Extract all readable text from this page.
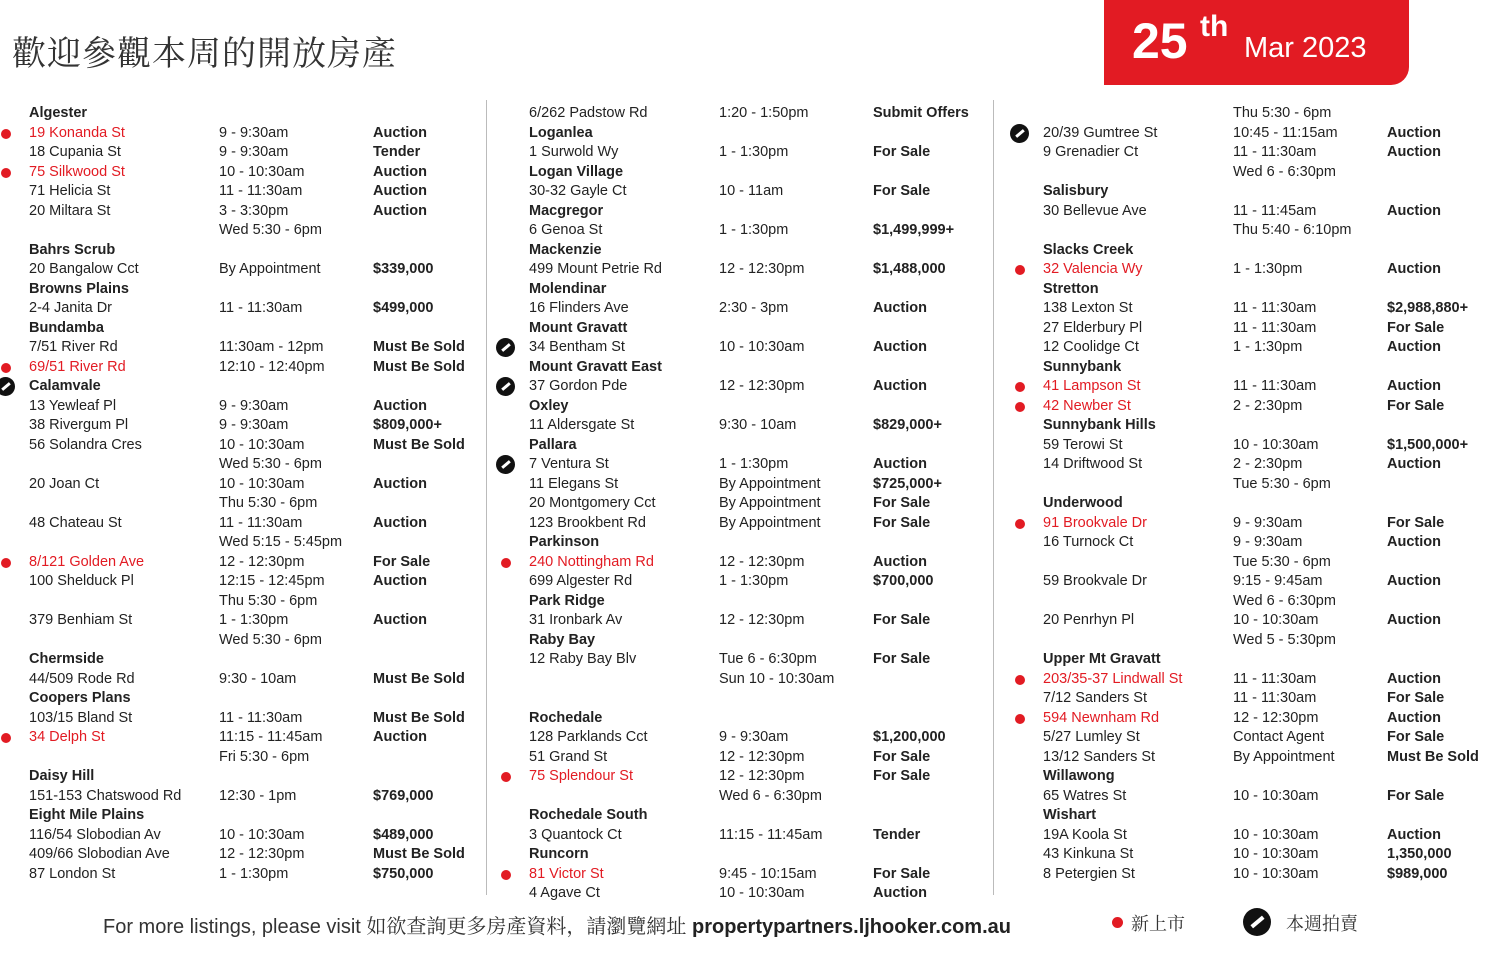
歡迎參觀本周的開放房產	25 th
Mar 2023
Algester
19 Konanda St	9 - 9:30am	Auction
18 Cupania St	9 - 9:30am	Tender
75 Silkwood St	10 - 10:30am	Auction
71 Helicia St	11 - 11:30am	Auction
20 Miltara St	3 - 3:30pm	Auction
Wed 5:30 - 6pm
Bahrs Scrub
20 Bangalow Cct	By Appointment	$339,000
Browns Plains
2-4 Janita Dr	11 - 11:30am	$499,000
Bundamba
7/51 River Rd	11:30am - 12pm	Must Be Sold
69/51 River Rd	12:10 - 12:40pm	Must Be Sold
Calamvale
13 Yewleaf Pl	9 - 9:30am	Auction
38 Rivergum Pl	9 - 9:30am	$809,000+
56 Solandra Cres	10 - 10:30am	Must Be Sold
Wed 5:30 - 6pm
20 Joan Ct	10 - 10:30am	Auction
Thu 5:30 - 6pm
48 Chateau St	11 - 11:30am	Auction
Wed 5:15 - 5:45pm
8/121 Golden Ave	12 - 12:30pm	For Sale
100 Shelduck Pl	12:15 - 12:45pm	Auction
Thu 5:30 - 6pm
379 Benhiam St	1 - 1:30pm	Auction
Wed 5:30 - 6pm
Chermside
44/509 Rode Rd	9:30 - 10am	Must Be Sold
Coopers Plans
103/15 Bland St	11 - 11:30am	Must Be Sold
34 Delph St	11:15 - 11:45am	Auction
Fri 5:30 - 6pm
Daisy Hill
151-153 Chatswood Rd	12:30 - 1pm	$769,000
Eight Mile Plains
116/54 Slobodian Av	10 - 10:30am	$489,000
409/66 Slobodian Ave	12 - 12:30pm	Must Be Sold
87 London St	1 - 1:30pm	$750,000
6/262 Padstow Rd	1:20 - 1:50pm	Submit Offers
Loganlea
1 Surwold Wy	1 - 1:30pm	For Sale
Logan Village
30-32 Gayle Ct	10 - 11am	For Sale
Macgregor
6 Genoa St	1 - 1:30pm	$1,499,999+
Mackenzie
499 Mount Petrie Rd	12 - 12:30pm	$1,488,000
Molendinar
16 Flinders Ave	2:30 - 3pm	Auction
Mount Gravatt
34 Bentham St	10 - 10:30am	Auction
Mount Gravatt East
37 Gordon Pde	12 - 12:30pm	Auction
Oxley
11 Aldersgate St	9:30 - 10am	$829,000+
Pallara
7 Ventura St	1 - 1:30pm	Auction
11 Elegans St	By Appointment	$725,000+
20 Montgomery Cct	By Appointment	For Sale
123 Brookbent Rd	By Appointment	For Sale
Parkinson
240 Nottingham Rd	12 - 12:30pm	Auction
699 Algester Rd	1 - 1:30pm	$700,000
Park Ridge
31 Ironbark Av	12 - 12:30pm	For Sale
Raby Bay
12 Raby Bay Blv	Tue 6 - 6:30pm	For Sale
Sun 10 - 10:30am
Rochedale
128 Parklands Cct	9 - 9:30am	$1,200,000
51 Grand St	12 - 12:30pm	For Sale
75 Splendour St	12 - 12:30pm	For Sale
Wed 6 - 6:30pm
Rochedale South
3 Quantock Ct	11:15 - 11:45am	Tender
Runcorn
81 Victor St	9:45 - 10:15am	For Sale
4 Agave Ct	10 - 10:30am	Auction
Thu 5:30 - 6pm
20/39 Gumtree St	10:45 - 11:15am	Auction
9 Grenadier Ct	11 - 11:30am	Auction
Wed 6 - 6:30pm
Salisbury
30 Bellevue Ave	11 - 11:45am	Auction
Thu 5:40 - 6:10pm
Slacks Creek
32 Valencia Wy	1 - 1:30pm	Auction
Stretton
138 Lexton St	11 - 11:30am	$2,988,880+
27 Elderbury Pl	11 - 11:30am	For Sale
12 Coolidge Ct	1 - 1:30pm	Auction
Sunnybank
41 Lampson St	11 - 11:30am	Auction
42 Newber St	2 - 2:30pm	For Sale
Sunnybank Hills
59 Terowi St	10 - 10:30am	$1,500,000+
14 Driftwood St	2 - 2:30pm	Auction
Tue 5:30 - 6pm
Underwood
91 Brookvale Dr	9 - 9:30am	For Sale
16 Turnock Ct	9 - 9:30am	Auction
Tue 5:30 - 6pm
59 Brookvale Dr	9:15 - 9:45am	Auction
Wed 6 - 6:30pm
20 Penrhyn Pl	10 - 10:30am	Auction
Wed 5 - 5:30pm
Upper Mt Gravatt
203/35-37 Lindwall St	11 - 11:30am	Auction
7/12 Sanders St	11 - 11:30am	For Sale
594 Newnham Rd	12 - 12:30pm	Auction
5/27 Lumley St	Contact Agent	For Sale
13/12 Sanders St	By Appointment	Must Be Sold
Willawong
65 Watres St	10 - 10:30am	For Sale
Wishart
19A Koola St	10 - 10:30am	Auction
43 Kinkuna St	10 - 10:30am	1,350,000
8 Petergien St	10 - 10:30am	$989,000
For more listings, please visit 如欲查詢更多房產資料，請瀏覽網址 propertypartners.ljhooker.com.au	新上市	本週拍賣
